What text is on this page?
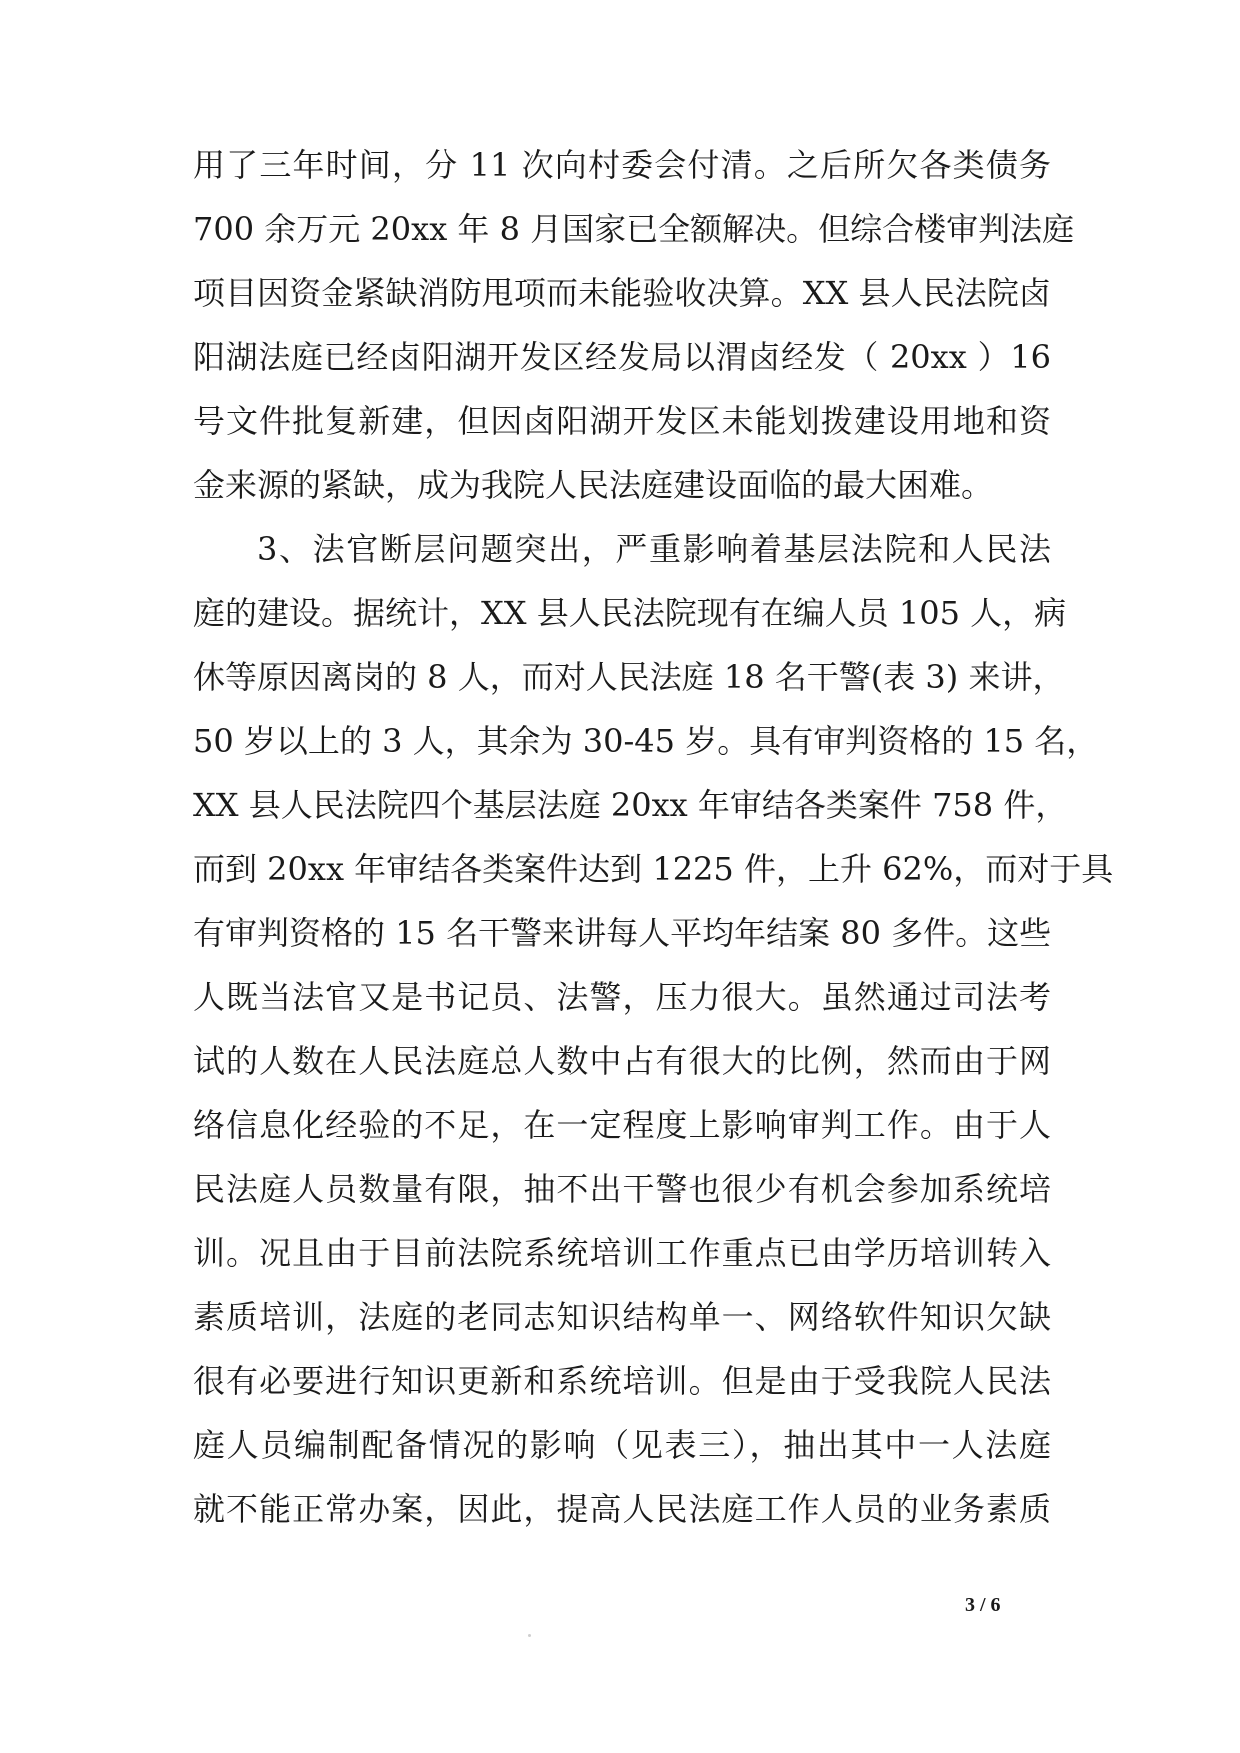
用了三年时间，分 11 次向村委会付清。之后所欠各类债务
700 余万元 20xx 年 8 月国家已全额解决。但综合楼审判法庭
项目因资金紧缺消防甩项而未能验收决算。XX 县人民法院卤
阳湖法庭已经卤阳湖开发区经发局以渭卤经发（ 20xx ）16
号文件批复新建，但因卤阳湖开发区未能划拨建设用地和资
金来源的紧缺，成为我院人民法庭建设面临的最大困难。
3、法官断层问题突出，严重影响着基层法院和人民法
庭的建设。据统计，XX 县人民法院现有在编人员 105 人，病
休等原因离岗的 8 人，而对人民法庭 18 名干警(表 3) 来讲，
50 岁以上的 3 人，其余为 30-45 岁。具有审判资格的 15 名，
XX 县人民法院四个基层法庭 20xx 年审结各类案件 758 件，
而到 20xx 年审结各类案件达到 1225 件，上升 62%，而对于具
有审判资格的 15 名干警来讲每人平均年结案 80 多件。这些
人既当法官又是书记员、法警，压力很大。虽然通过司法考
试的人数在人民法庭总人数中占有很大的比例，然而由于网
络信息化经验的不足，在一定程度上影响审判工作。由于人
民法庭人员数量有限，抽不出干警也很少有机会参加系统培
训。况且由于目前法院系统培训工作重点已由学历培训转入
素质培训，法庭的老同志知识结构单一、网络软件知识欠缺
很有必要进行知识更新和系统培训。但是由于受我院人民法
庭人员编制配备情况的影响（见表三），抽出其中一人法庭
就不能正常办案，因此，提高人民法庭工作人员的业务素质
3 / 6
